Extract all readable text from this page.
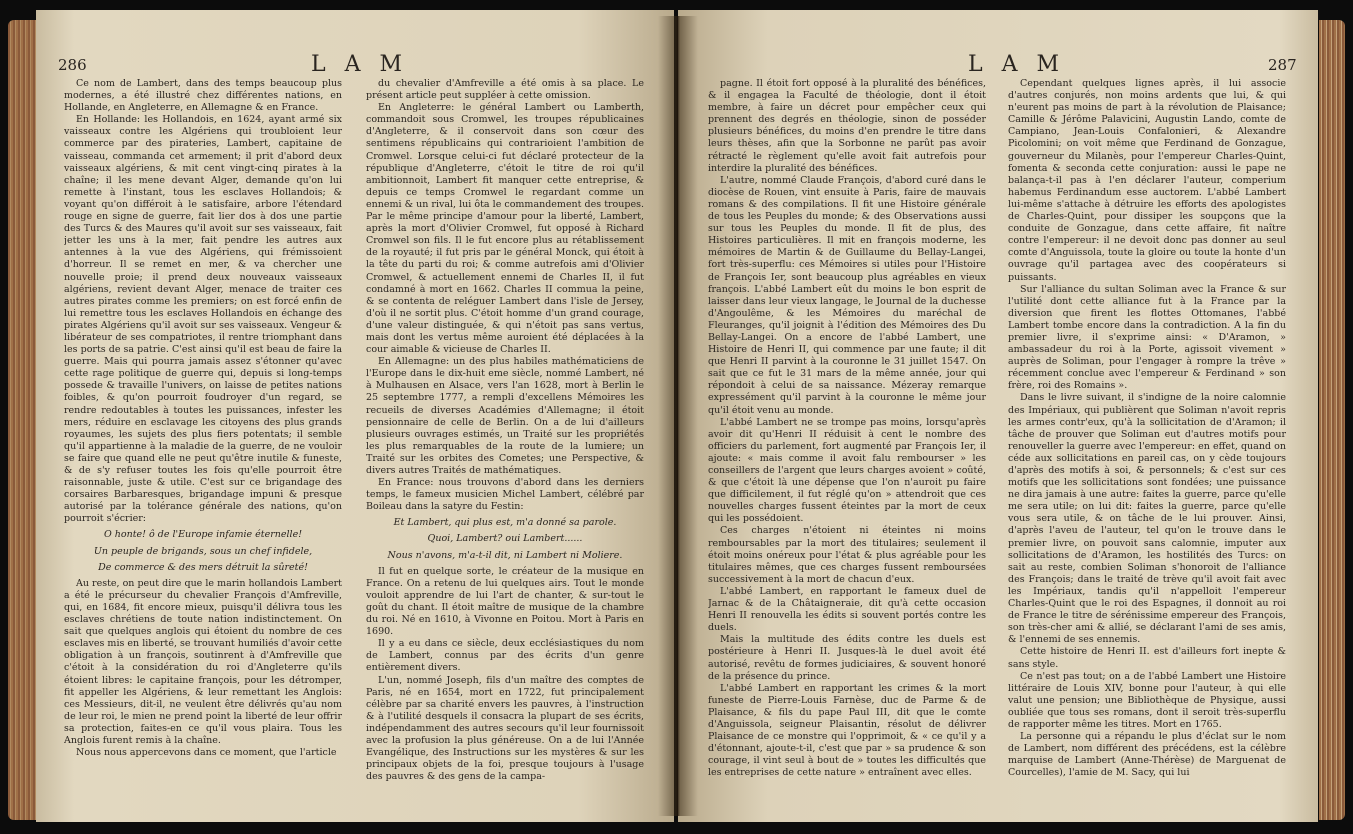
286	L A M

Ce nom de Lambert, dans des temps beaucoup plus modernes, a été illustré chez différentes nations, en Hollande, en Angleterre, en Allemagne & en France.

En Hollande: les Hollandois, en 1624, ayant armé six vaisseaux contre les Algériens qui troubloient leur commerce par des pirateries, Lambert, capitaine de vaisseau, commanda cet armement; il prit d'abord deux vaisseaux algériens, & mit cent vingt-cinq pirates à la chaîne; il les mene devant Alger, demande qu'on lui remette à l'instant, tous les esclaves Hollandois; & voyant qu'on différoit à le satisfaire, arbore l'étendard rouge en signe de guerre, fait lier dos à dos une partie des Turcs & des Maures qu'il avoit sur ses vaisseaux, fait jetter les uns à la mer, fait pendre les autres aux antennes à la vue des Algériens, qui frémissoient d'horreur. Il se remet en mer, & va chercher une nouvelle proie; il prend deux nouveaux vaisseaux algériens, revient devant Alger, menace de traiter ces autres pirates comme les premiers; on est forcé enfin de lui remettre tous les esclaves Hollandois en échange des pirates Algériens qu'il avoit sur ses vaisseaux. Vengeur & libérateur de ses compatriotes, il rentre triomphant dans les ports de sa patrie. C'est ainsi qu'il est beau de faire la guerre. Mais qui pourra jamais assez s'étonner qu'avec cette rage politique de guerre qui, depuis si long-temps possede & travaille l'univers, on laisse de petites nations foibles, & qu'on pourroit foudroyer d'un regard, se rendre redoutables à toutes les puissances, infester les mers, réduire en esclavage les citoyens des plus grands royaumes, les sujets des plus fiers potentats; il semble qu'il appartienne à la maladie de la guerre, de ne vouloir se faire que quand elle ne peut qu'être inutile & funeste, & de s'y refuser toutes les fois qu'elle pourroit être raisonnable, juste & utile. C'est sur ce brigandage des corsaires Barbaresques, brigandage impuni & presque autorisé par la tolérance générale des nations, qu'on pourroit s'écrier:

O honte! ô de l'Europe infamie éternelle!

Un peuple de brigands, sous un chef infidele,

De commerce & des mers détruit la sûreté!

Au reste, on peut dire que le marin hollandois Lambert a été le précurseur du chevalier François d'Amfreville, qui, en 1684, fit encore mieux, puisqu'il délivra tous les esclaves chrétiens de toute nation indistinctement. On sait que quelques anglois qui étoient du nombre de ces esclaves mis en liberté, se trouvant humiliés d'avoir cette obligation à un françois, soutinrent à d'Amfreville que c'étoit à la considération du roi d'Angleterre qu'ils étoient libres: le capitaine françois, pour les détromper, fit appeller les Algériens, & leur remettant les Anglois: ces Messieurs, dit-il, ne veulent être délivrés qu'au nom de leur roi, le mien ne prend point la liberté de leur offrir sa protection, faites-en ce qu'il vous plaira. Tous les Anglois furent remis à la chaîne.

Nous nous appercevons dans ce moment, que l'article

du chevalier d'Amfreville a été omis à sa place. Le présent article peut suppléer à cette omission.

En Angleterre: le général Lambert ou Lamberth, commandoit sous Cromwel, les troupes républicaines d'Angleterre, & il conservoit dans son cœur des sentimens républicains qui contrarioient l'ambition de Cromwel. Lorsque celui-ci fut déclaré protecteur de la république d'Angleterre, c'étoit le titre de roi qu'il ambitionnoit, Lambert fit manquer cette entreprise, & depuis ce temps Cromwel le regardant comme un ennemi & un rival, lui ôta le commandement des troupes. Par le même principe d'amour pour la liberté, Lambert, après la mort d'Olivier Cromwel, fut opposé à Richard Cromwel son fils. Il le fut encore plus au rétablissement de la royauté; il fut pris par le général Monck, qui étoit à la tête du parti du roi; & comme autrefois ami d'Olivier Cromwel, & actuellement ennemi de Charles II, il fut condamné à mort en 1662. Charles II commua la peine, & se contenta de reléguer Lambert dans l'isle de Jersey, d'où il ne sortit plus. C'étoit homme d'un grand courage, d'une valeur distinguée, & qui n'étoit pas sans vertus, mais dont les vertus même auroient été déplacées à la cour aimable & vicieuse de Charles II.

En Allemagne: un des plus habiles mathématiciens de l'Europe dans le dix-huit eme siècle, nommé Lambert, né à Mulhausen en Alsace, vers l'an 1628, mort à Berlin le 25 septembre 1777, a rempli d'excellens Mémoires les recueils de diverses Académies d'Allemagne; il étoit pensionnaire de celle de Berlin. On a de lui d'ailleurs plusieurs ouvrages estimés, un Traité sur les propriétés les plus remarquables de la route de la lumiere; un Traité sur les orbites des Cometes; une Perspective, & divers autres Traités de mathématiques.

En France: nous trouvons d'abord dans les derniers temps, le fameux musicien Michel Lambert, célébré par Boileau dans la satyre du Festin:

Et Lambert, qui plus est, m'a donné sa parole.

Quoi, Lambert? oui Lambert......

Nous n'avons, m'a-t-il dit, ni Lambert ni Moliere.

Il fut en quelque sorte, le créateur de la musique en France. On a retenu de lui quelques airs. Tout le monde vouloit apprendre de lui l'art de chanter, & sur-tout le goût du chant. Il étoit maître de musique de la chambre du roi. Né en 1610, à Vivonne en Poitou. Mort à Paris en 1690.

Il y a eu dans ce siècle, deux ecclésiastiques du nom de Lambert, connus par des écrits d'un genre entièrement divers.

L'un, nommé Joseph, fils d'un maître des comptes de Paris, né en 1654, mort en 1722, fut principalement célèbre par sa charité envers les pauvres, à l'instruction & à l'utilité desquels il consacra la plupart de ses écrits, indépendamment des autres secours qu'il leur fournissoit avec la profusion la plus généreuse. On a de lui l'Année Evangélique, des Instructions sur les mystères & sur les principaux objets de la foi, presque toujours à l'usage des pauvres & des gens de la campa-

L A M	287

pagne. Il étoit fort opposé à la pluralité des bénéfices, & il engagea la Faculté de théologie, dont il étoit membre, à faire un décret pour empêcher ceux qui prennent des degrés en théologie, sinon de posséder plusieurs bénéfices, du moins d'en prendre le titre dans leurs thèses, afin que la Sorbonne ne parût pas avoir rétracté le règlement qu'elle avoit fait autrefois pour interdire la pluralité des bénéfices.

L'autre, nommé Claude François, d'abord curé dans le diocèse de Rouen, vint ensuite à Paris, faire de mauvais romans & des compilations. Il fit une Histoire générale de tous les Peuples du monde; & des Observations aussi sur tous les Peuples du monde. Il fit de plus, des Histoires particulières. Il mit en françois moderne, les mémoires de Martin & de Guillaume du Bellay-Langei, fort très-superflu: ces Mémoires si utiles pour l'Histoire de François Ier, sont beaucoup plus agréables en vieux françois. L'abbé Lambert eût du moins le bon esprit de laisser dans leur vieux langage, le Journal de la duchesse d'Angoulême, & les Mémoires du maréchal de Fleuranges, qu'il joignit à l'édition des Mémoires des Du Bellay-Langei. On a encore de l'abbé Lambert, une Histoire de Henri II, qui commence par une faute; il dit que Henri II parvint à la couronne le 31 juillet 1547. On sait que ce fut le 31 mars de la même année, jour qui répondoit à celui de sa naissance. Mézeray remarque expressément qu'il parvint à la couronne le même jour qu'il étoit venu au monde.

L'abbé Lambert ne se trompe pas moins, lorsqu'après avoir dit qu'Henri II réduisit à cent le nombre des officiers du parlement, fort augmenté par François Ier, il ajoute: « mais comme il avoit falu rembourser » les conseillers de l'argent que leurs charges avoient » coûté, & que c'étoit là une dépense que l'on n'auroit pu faire que difficilement, il fut réglé qu'on » attendroit que ces nouvelles charges fussent éteintes par la mort de ceux qui les possédoient.

Ces charges n'étoient ni éteintes ni moins remboursables par la mort des titulaires; seulement il étoit moins onéreux pour l'état & plus agréable pour les titulaires mêmes, que ces charges fussent remboursées successivement à la mort de chacun d'eux.

L'abbé Lambert, en rapportant le fameux duel de Jarnac & de la Châtaigneraie, dit qu'à cette occasion Henri II renouvella les édits si souvent portés contre les duels.

Mais la multitude des édits contre les duels est postérieure à Henri II. Jusques-là le duel avoit été autorisé, revêtu de formes judiciaires, & souvent honoré de la présence du prince.

L'abbé Lambert en rapportant les crimes & la mort funeste de Pierre-Louis Farnèse, duc de Parme & de Plaisance, & fils du pape Paul III, dit que le comte d'Anguissola, seigneur Plaisantin, résolut de délivrer Plaisance de ce monstre qui l'opprimoit, & « ce qu'il y a d'étonnant, ajoute-t-il, c'est que par » sa prudence & son courage, il vint seul à bout de » toutes les difficultés que les entreprises de cette nature » entraînent avec elles.

Cependant quelques lignes après, il lui associe d'autres conjurés, non moins ardents que lui, & qui n'eurent pas moins de part à la révolution de Plaisance; Camille & Jérôme Palavicini, Augustin Lando, comte de Campiano, Jean-Louis Confalonieri, & Alexandre Picolomini; on voit même que Ferdinand de Gonzague, gouverneur du Milanès, pour l'empereur Charles-Quint, fomenta & seconda cette conjuration: aussi le pape ne balança-t-il pas à l'en déclarer l'auteur, comperium habemus Ferdinandum esse auctorem. L'abbé Lambert lui-même s'attache à détruire les efforts des apologistes de Charles-Quint, pour dissiper les soupçons que la conduite de Gonzague, dans cette affaire, fit naître contre l'empereur: il ne devoit donc pas donner au seul comte d'Anguissola, toute la gloire ou toute la honte d'un ouvrage qu'il partagea avec des coopérateurs si puissants.

Sur l'alliance du sultan Soliman avec la France & sur l'utilité dont cette alliance fut à la France par la diversion que firent les flottes Ottomanes, l'abbé Lambert tombe encore dans la contradiction. A la fin du premier livre, il s'exprime ainsi: « D'Aramon, » ambassadeur du roi à la Porte, agissoit vivement » auprès de Soliman, pour l'engager à rompre la trêve » récemment conclue avec l'empereur & Ferdinand » son frère, roi des Romains ».

Dans le livre suivant, il s'indigne de la noire calomnie des Impériaux, qui publièrent que Soliman n'avoit repris les armes contr'eux, qu'à la sollicitation de d'Aramon; il tâche de prouver que Soliman eut d'autres motifs pour renouveller la guerre avec l'empereur: en effet, quand on céde aux sollicitations en pareil cas, on y cède toujours d'après des motifs à soi, & personnels; & c'est sur ces motifs que les sollicitations sont fondées; une puissance ne dira jamais à une autre: faites la guerre, parce qu'elle me sera utile; on lui dit: faites la guerre, parce qu'elle vous sera utile, & on tâche de le lui prouver. Ainsi, d'après l'aveu de l'auteur, tel qu'on le trouve dans le premier livre, on pouvoit sans calomnie, imputer aux sollicitations de d'Aramon, les hostilités des Turcs: on sait au reste, combien Soliman s'honoroit de l'alliance des François; dans le traité de trève qu'il avoit fait avec les Impériaux, tandis qu'il n'appelloit l'empereur Charles-Quint que le roi des Espagnes, il donnoit au roi de France le titre de sérénissime empereur des François, son très-cher ami & allié, se déclarant l'ami de ses amis, & l'ennemi de ses ennemis.

Cette histoire de Henri II. est d'ailleurs fort inepte & sans style.

Ce n'est pas tout; on a de l'abbé Lambert une Histoire littéraire de Louis XIV, bonne pour l'auteur, à qui elle valut une pension; une Bibliothèque de Physique, aussi oubliée que tous ses romans, dont il seroit très-superflu de rapporter même les titres. Mort en 1765.

La personne qui a répandu le plus d'éclat sur le nom de Lambert, nom différent des précédens, est la célèbre marquise de Lambert (Anne-Thérèse) de Marguenat de Courcelles), l'amie de M. Sacy, qui lui
